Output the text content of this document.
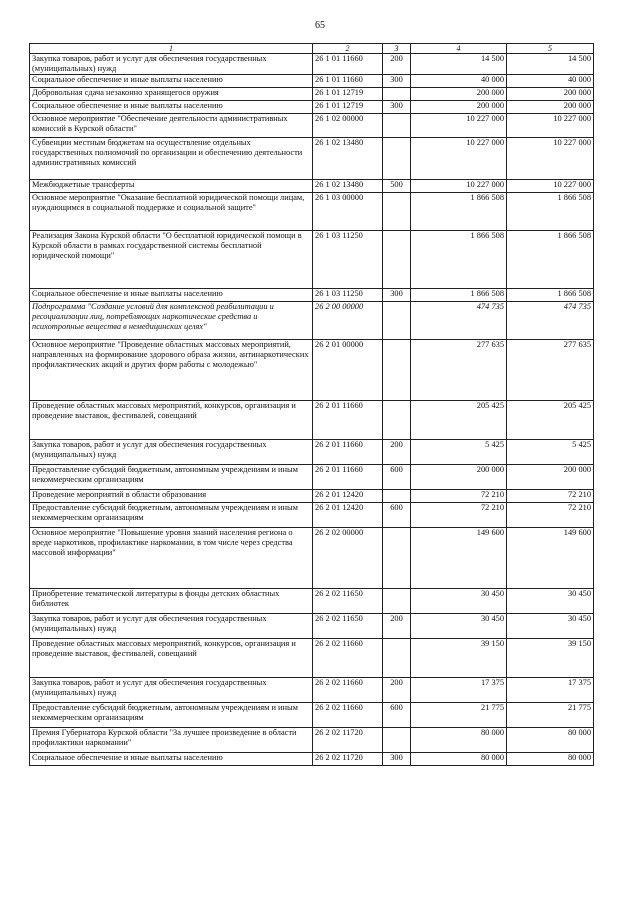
65
1	2	3	4	5
Закупка товаров, работ и услуг для обеспечения государственных (муниципальных) нужд	26 1 01 11660	200	14 500	14 500
Социальное обеспечение и иные выплаты населению	26 1 01 11660	300	40 000	40 000
Добровольная сдача незаконно хранящегося оружия	26 1 01 12719		200 000	200 000
Социальное обеспечение и иные выплаты населению	26 1 01 12719	300	200 000	200 000
Основное мероприятие "Обеспечение деятельности административных комиссий в Курской области"	26 1 02 00000		10 227 000	10 227 000
Субвенции местным бюджетам на осуществление отдельных государственных полномочий по организации и обеспечению деятельности административных комиссий	26 1 02 13480		10 227 000	10 227 000
Межбюджетные трансферты	26 1 02 13480	500	10 227 000	10 227 000
Основное мероприятие "Оказание бесплатной юридической помощи лицам, нуждающимся в социальной поддержке и социальной защите"	26 1 03 00000		1 866 508	1 866 508
Реализация Закона Курской области "О бесплатной юридической помощи в Курской области в рамках государственной системы бесплатной юридической помощи"	26 1 03 11250		1 866 508	1 866 508
Социальное обеспечение и иные выплаты населению	26 1 03 11250	300	1 866 508	1 866 508
Подпрограмма "Создание условий для комплексной реабилитации и ресоциализации лиц, потребляющих наркотические средства и психотропные вещества в немедицинских целях"	26 2 00 00000		474 735	474 735
Основное мероприятие "Проведение областных массовых мероприятий, направленных на формирование здорового образа жизни, антинаркотических профилактических акций и других форм работы с молодежью"	26 2 01 00000		277 635	277 635
Проведение областных массовых мероприятий, конкурсов, организация и проведение выставок, фестивалей, совещаний	26 2 01 11660		205 425	205 425
Закупка товаров, работ и услуг для обеспечения государственных (муниципальных) нужд	26 2 01 11660	200	5 425	5 425
Предоставление субсидий бюджетным, автономным учреждениям и иным некоммерческим организациям	26 2 01 11660	600	200 000	200 000
Проведение мероприятий в области образования	26 2 01 12420		72 210	72 210
Предоставление субсидий бюджетным, автономным учреждениям и иным некоммерческим организациям	26 2 01 12420	600	72 210	72 210
Основное мероприятие "Повышение уровня знаний населения региона о вреде наркотиков, профилактике наркомании, в том числе через средства массовой информации"	26 2 02 00000		149 600	149 600
Приобретение тематической литературы в фонды детских областных библиотек	26 2 02 11650		30 450	30 450
Закупка товаров, работ и услуг для обеспечения государственных (муниципальных) нужд	26 2 02 11650	200	30 450	30 450
Проведение областных массовых мероприятий, конкурсов, организация и проведение выставок, фестивалей, совещаний	26 2 02 11660		39 150	39 150
Закупка товаров, работ и услуг для обеспечения государственных (муниципальных) нужд	26 2 02 11660	200	17 375	17 375
Предоставление субсидий бюджетным, автономным учреждениям и иным некоммерческим организациям	26 2 02 11660	600	21 775	21 775
Премия Губернатора Курской области "За лучшее произведение в области профилактики наркомании"	26 2 02 11720		80 000	80 000
Социальное обеспечение и иные выплаты населению	26 2 02 11720	300	80 000	80 000
